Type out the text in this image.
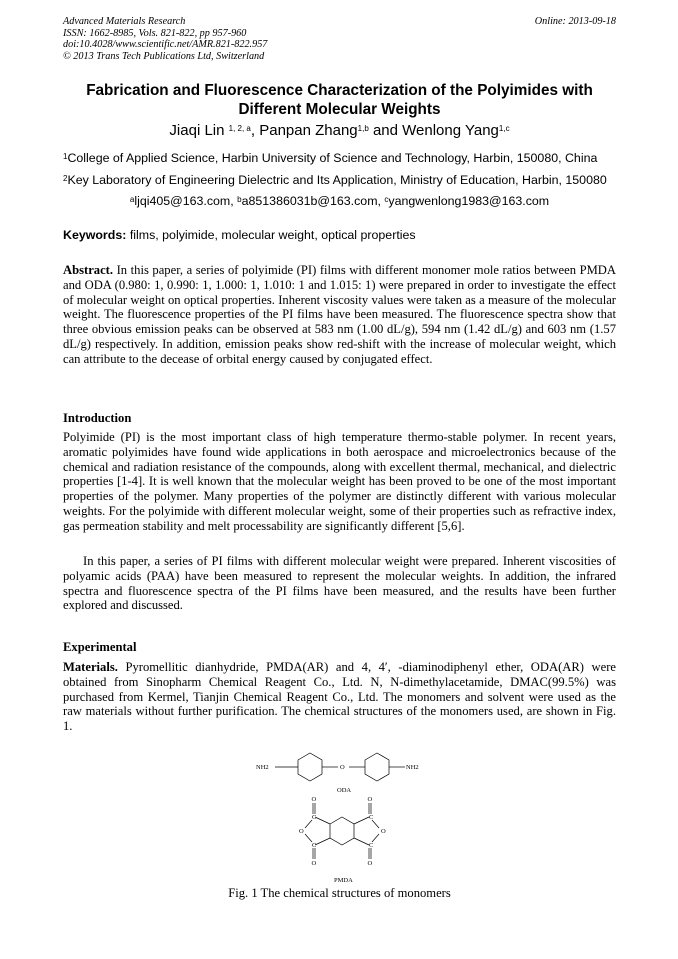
Advanced Materials Research
ISSN: 1662-8985, Vols. 821-822, pp 957-960
doi:10.4028/www.scientific.net/AMR.821-822.957
© 2013 Trans Tech Publications Ltd, Switzerland
Online: 2013-09-18
Fabrication and Fluorescence Characterization of the Polyimides with
Different Molecular Weights
Jiaqi Lin $^{1, 2, a}$, Panpan Zhang$^{1,b}$ and Wenlong Yang$^{1,c}$
$^1$College of Applied Science, Harbin University of Science and Technology, Harbin, 150080, China
$^2$Key Laboratory of Engineering Dielectric and Its Application, Ministry of Education, Harbin, 150080
$^a$ljqi405@163.com, $^b$a851386031b@163.com, $^c$yangwenlong1983@163.com
Keywords: films, polyimide, molecular weight, optical properties
Abstract. In this paper, a series of polyimide (PI) films with different monomer mole ratios between PMDA and ODA (0.980: 1, 0.990: 1, 1.000: 1, 1.010: 1 and 1.015: 1) were prepared in order to investigate the effect of molecular weight on optical properties. Inherent viscosity values were taken as a measure of the molecular weight. The fluorescence properties of the PI films have been measured. The fluorescence spectra show that three obvious emission peaks can be observed at 583 nm (1.00 dL/g), 594 nm (1.42 dL/g) and 603 nm (1.57 dL/g) respectively. In addition, emission peaks show red-shift with the increase of molecular weight, which can attribute to the decease of orbital energy caused by conjugated effect.
Introduction
Polyimide (PI) is the most important class of high temperature thermo-stable polymer. In recent years, aromatic polyimides have found wide applications in both aerospace and microelectronics because of the chemical and radiation resistance of the compounds, along with excellent thermal, mechanical, and dielectric properties [1-4]. It is well known that the molecular weight has been proved to be one of the most important properties of the polymer. Many properties of the polymer are distinctly different with various molecular weights. For the polyimide with different molecular weight, some of their properties such as refractive index, gas permeation stability and melt processability are significantly different [5,6].
In this paper, a series of PI films with different molecular weight were prepared. Inherent viscosities of polyamic acids (PAA) have been measured to represent the molecular weights. In addition, the infrared spectra and fluorescence spectra of the PI films have been measured, and the results have been further explored and discussed.
Experimental
Materials. Pyromellitic dianhydride, PMDA(AR) and 4, 4′, -diaminodiphenyl ether, ODA(AR) were obtained from Sinopharm Chemical Reagent Co., Ltd. N, N-dimethylacetamide, DMAC(99.5%) was purchased from Kermel, Tianjin Chemical Reagent Co., Ltd. The monomers and solvent were used as the raw materials without further purification. The chemical structures of the monomers used, are shown in Fig. 1.
NH2	O	NH2
ODA
O	O
C	C
O	O
C	C
O	O
PMDA
Fig. 1 The chemical structures of monomers
